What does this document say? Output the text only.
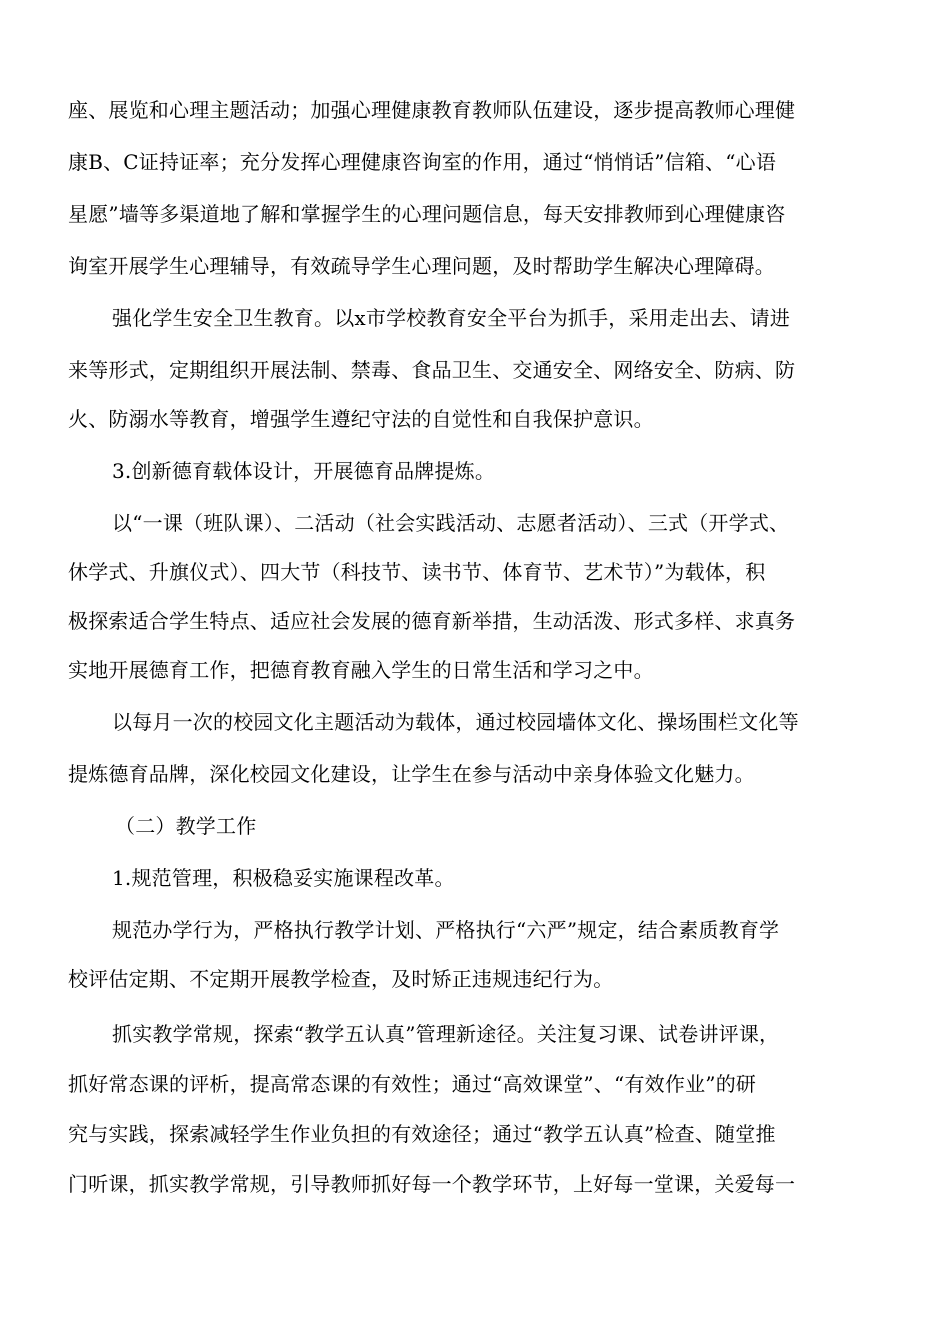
座、展览和心理主题活动；加强心理健康教育教师队伍建设，逐步提高教师心理健
康B、C证持证率；充分发挥心理健康咨询室的作用，通过“悄悄话”信箱、“心语
星愿”墙等多渠道地了解和掌握学生的心理问题信息，每天安排教师到心理健康咨
询室开展学生心理辅导，有效疏导学生心理问题，及时帮助学生解决心理障碍。
强化学生安全卫生教育。以x市学校教育安全平台为抓手，采用走出去、请进
来等形式，定期组织开展法制、禁毒、食品卫生、交通安全、网络安全、防病、防
火、防溺水等教育，增强学生遵纪守法的自觉性和自我保护意识。
3.创新德育载体设计，开展德育品牌提炼。
以“一课（班队课）、二活动（社会实践活动、志愿者活动）、三式（开学式、
休学式、升旗仪式）、四大节（科技节、读书节、体育节、艺术节）”为载体，积
极探索适合学生特点、适应社会发展的德育新举措，生动活泼、形式多样、求真务
实地开展德育工作，把德育教育融入学生的日常生活和学习之中。
以每月一次的校园文化主题活动为载体，通过校园墙体文化、操场围栏文化等
提炼德育品牌，深化校园文化建设，让学生在参与活动中亲身体验文化魅力。
（二）教学工作
1.规范管理，积极稳妥实施课程改革。
规范办学行为，严格执行教学计划、严格执行“六严”规定，结合素质教育学
校评估定期、不定期开展教学检查，及时矫正违规违纪行为。
抓实教学常规，探索“教学五认真”管理新途径。关注复习课、试卷讲评课，
抓好常态课的评析，提高常态课的有效性；通过“高效课堂”、“有效作业”的研
究与实践，探索减轻学生作业负担的有效途径；通过“教学五认真”检查、随堂推
门听课，抓实教学常规，引导教师抓好每一个教学环节，上好每一堂课，关爱每一
